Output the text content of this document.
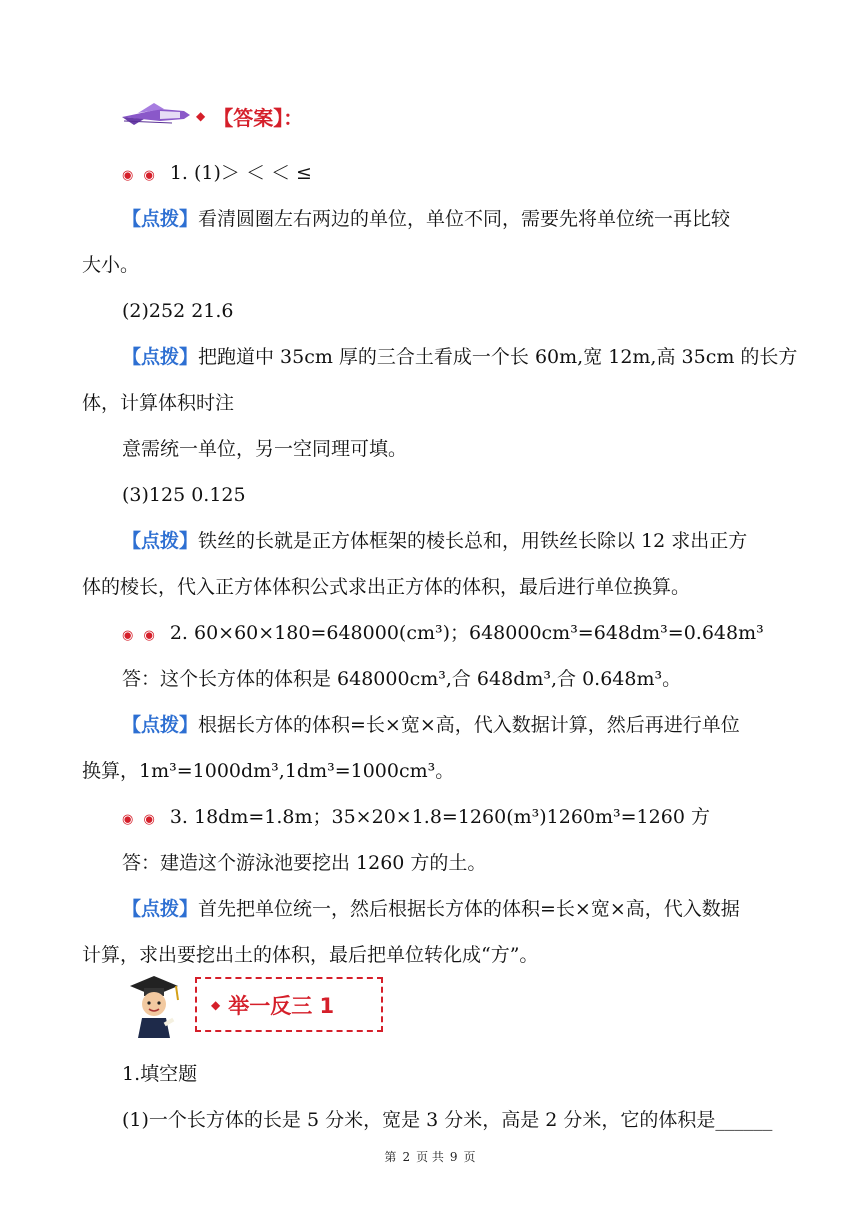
◆ 【答案】：
◉ ◉ 1. (1)＞ ＜ ＜ ≤
【点拨】看清圆圈左右两边的单位，单位不同，需要先将单位统一再比较
大小。
(2)252 21.6
【点拨】把跑道中 35cm 厚的三合土看成一个长 60m,宽 12m,高 35cm 的长方
体，计算体积时注
意需统一单位，另一空同理可填。
(3)125 0.125
【点拨】铁丝的长就是正方体框架的棱长总和，用铁丝长除以 12 求出正方
体的棱长，代入正方体体积公式求出正方体的体积，最后进行单位换算。
◉ ◉ 2. 60×60×180=648000(cm³)；648000cm³=648dm³=0.648m³
答：这个长方体的体积是 648000cm³,合 648dm³,合 0.648m³。
【点拨】根据长方体的体积=长×宽×高，代入数据计算，然后再进行单位
换算，1m³=1000dm³,1dm³=1000cm³。
◉ ◉ 3. 18dm=1.8m；35×20×1.8=1260(m³)1260m³=1260 方
答：建造这个游泳池要挖出 1260 方的土。
【点拨】首先把单位统一，然后根据长方体的体积=长×宽×高，代入数据
计算，求出要挖出土的体积，最后把单位转化成“方”。
◆ 举一反三 1
1.填空题
(1)一个长方体的长是 5 分米，宽是 3 分米，高是 2 分米，它的体积是______
第 2 页 共 9 页
